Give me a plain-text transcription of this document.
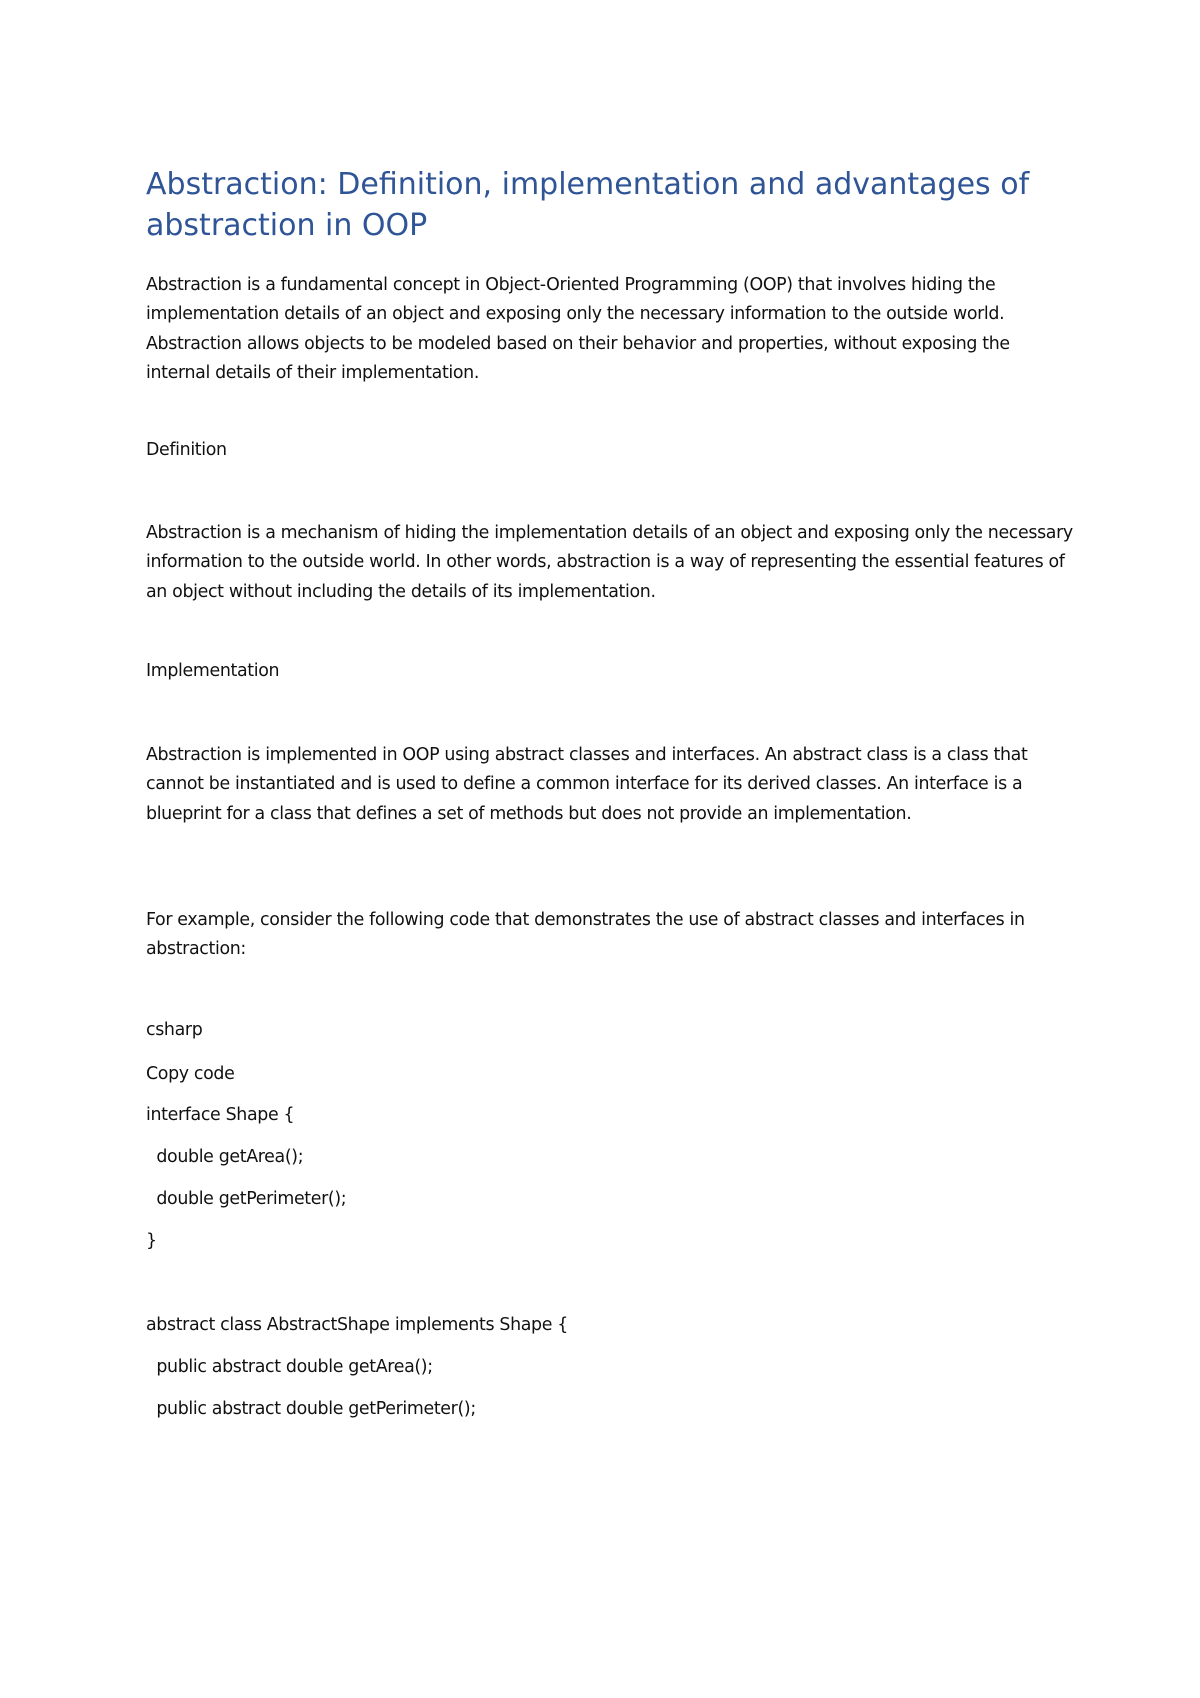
Abstraction: Definition, implementation and advantages of abstraction in OOP

Abstraction is a fundamental concept in Object-Oriented Programming (OOP) that involves hiding the implementation details of an object and exposing only the necessary information to the outside world. Abstraction allows objects to be modeled based on their behavior and properties, without exposing the internal details of their implementation.

Definition

Abstraction is a mechanism of hiding the implementation details of an object and exposing only the necessary information to the outside world. In other words, abstraction is a way of representing the essential features of an object without including the details of its implementation.

Implementation

Abstraction is implemented in OOP using abstract classes and interfaces. An abstract class is a class that cannot be instantiated and is used to define a common interface for its derived classes. An interface is a blueprint for a class that defines a set of methods but does not provide an implementation.

For example, consider the following code that demonstrates the use of abstract classes and interfaces in abstraction:

csharp

Copy code

interface Shape {

double getArea();

double getPerimeter();

}

abstract class AbstractShape implements Shape {

public abstract double getArea();

public abstract double getPerimeter();
